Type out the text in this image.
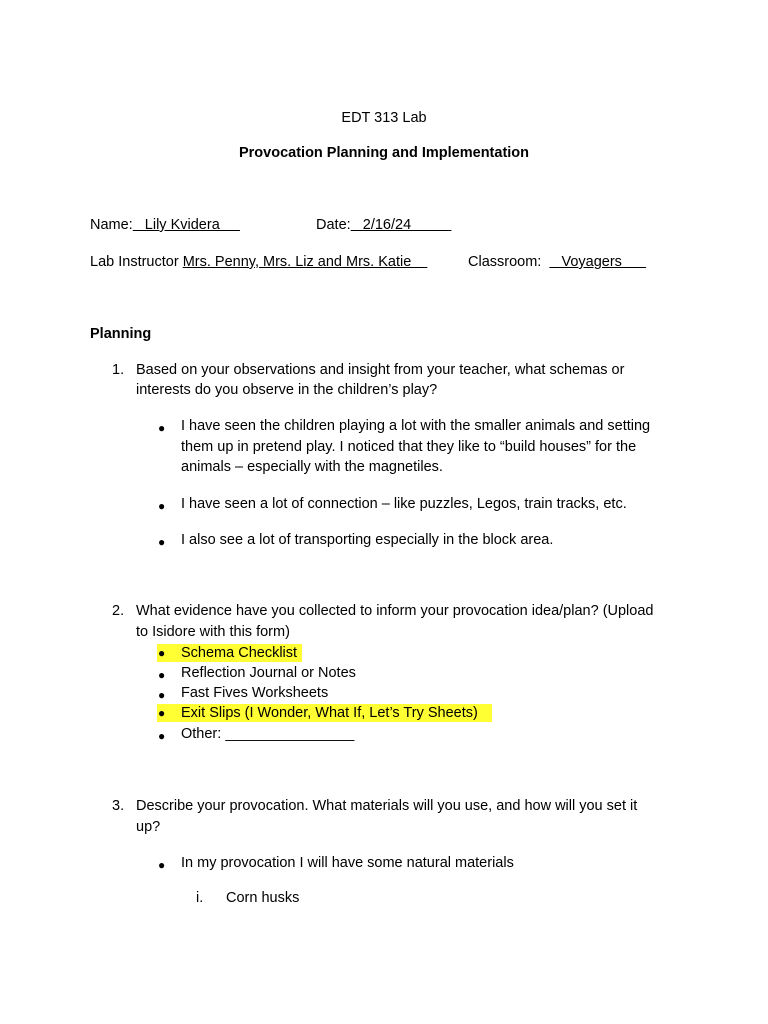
EDT 313 Lab
Provocation Planning and Implementation
Name:   Lily Kvidera	Date:   2/16/24
Lab Instructor Mrs. Penny, Mrs. Liz and Mrs. Katie	Classroom:     Voyagers
Planning
1. Based on your observations and insight from your teacher, what schemas or
interests do you observe in the children’s play?
● I have seen the children playing a lot with the smaller animals and setting
them up in pretend play. I noticed that they like to “build houses” for the
animals – especially with the magnetiles.
● I have seen a lot of connection – like puzzles, Legos, train tracks, etc.
● I also see a lot of transporting especially in the block area.
2. What evidence have you collected to inform your provocation idea/plan? (Upload
to Isidore with this form)
● Schema Checklist
● Reflection Journal or Notes
● Fast Fives Worksheets
● Exit Slips (I Wonder, What If, Let’s Try Sheets)
● Other: ________________
3. Describe your provocation. What materials will you use, and how will you set it
up?
● In my provocation I will have some natural materials
i. Corn husks
